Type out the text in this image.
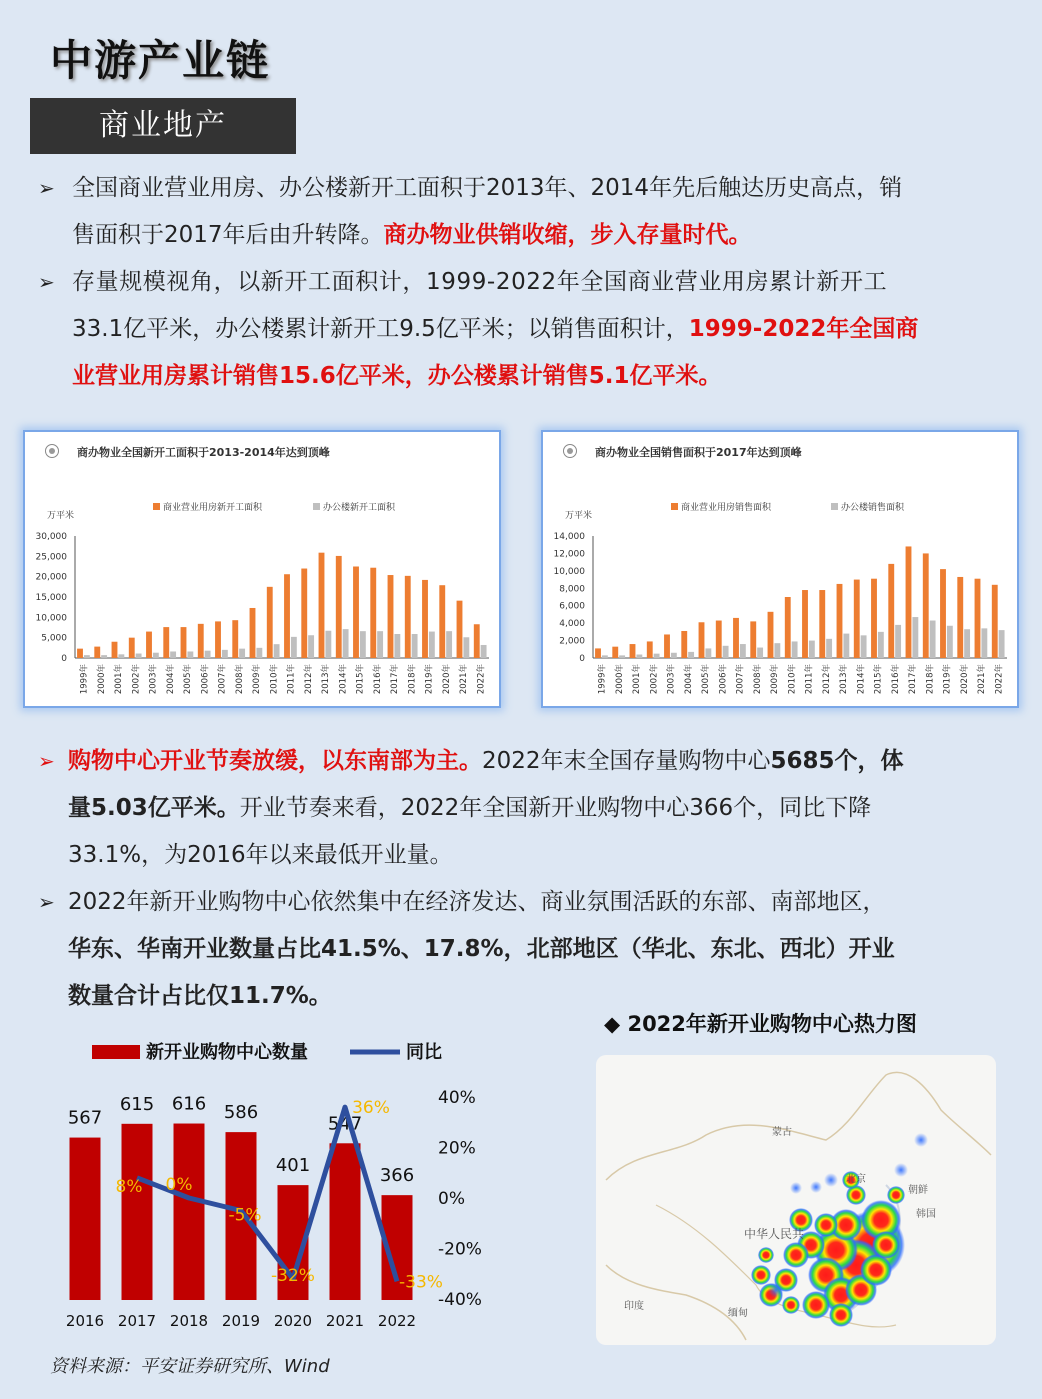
中游产业链
商业地产
➢ 全国商业营业用房、办公楼新开工面积于2013年、2014年先后触达历史高点，销
售面积于2017年后由升转降。商办物业供销收缩，步入存量时代。
➢ 存量规模视角，以新开工面积计，1999-2022年全国商业营业用房累计新开工
33.1亿平米，办公楼累计新开工9.5亿平米；以销售面积计，1999-2022年全国商
业营业用房累计销售15.6亿平米，办公楼累计销售5.1亿平米。
商办物业全国新开工面积于2013-2014年达到顶峰
商业营业用房新开工面积	办公楼新开工面积
万平米
0
5,000
10,000
15,000
20,000
25,000
30,000
1999年 2000年 2001年 2002年 2003年 2004年 2005年 2006年 2007年 2008年 2009年 2010年 2011年 2012年 2013年 2014年 2015年 2016年 2017年 2018年 2019年 2020年 2021年 2022年
商办物业全国销售面积于2017年达到顶峰
商业营业用房销售面积	办公楼销售面积
万平米
0
2,000
4,000
6,000
8,000
10,000
12,000
14,000
1999年 2000年 2001年 2002年 2003年 2004年 2005年 2006年 2007年 2008年 2009年 2010年 2011年 2012年 2013年 2014年 2015年 2016年 2017年 2018年 2019年 2020年 2021年 2022年
➢ 购物中心开业节奏放缓，以东南部为主。2022年末全国存量购物中心5685个，体
量5.03亿平米。开业节奏来看，2022年全国新开业购物中心366个，同比下降
33.1%，为2016年以来最低开业量。
➢ 2022年新开业购物中心依然集中在经济发达、商业氛围活跃的东部、南部地区，
华东、华南开业数量占比41.5%、17.8%，北部地区（华北、东北、西北）开业
数量合计占比仅11.7%。
新开业购物中心数量	同比
567
2016
615
2017
616
2018
586
2019
401
2020
547
2021
366
2022
8% 0%
-5%
-32%
36%
-33%
40%
20%
0%
-20%
-40%
◆ 2022年新开业购物中心热力图
蒙古
北京
朝鲜
韩国
中华人民共
印度
缅甸
资料来源：平安证券研究所、Wind
